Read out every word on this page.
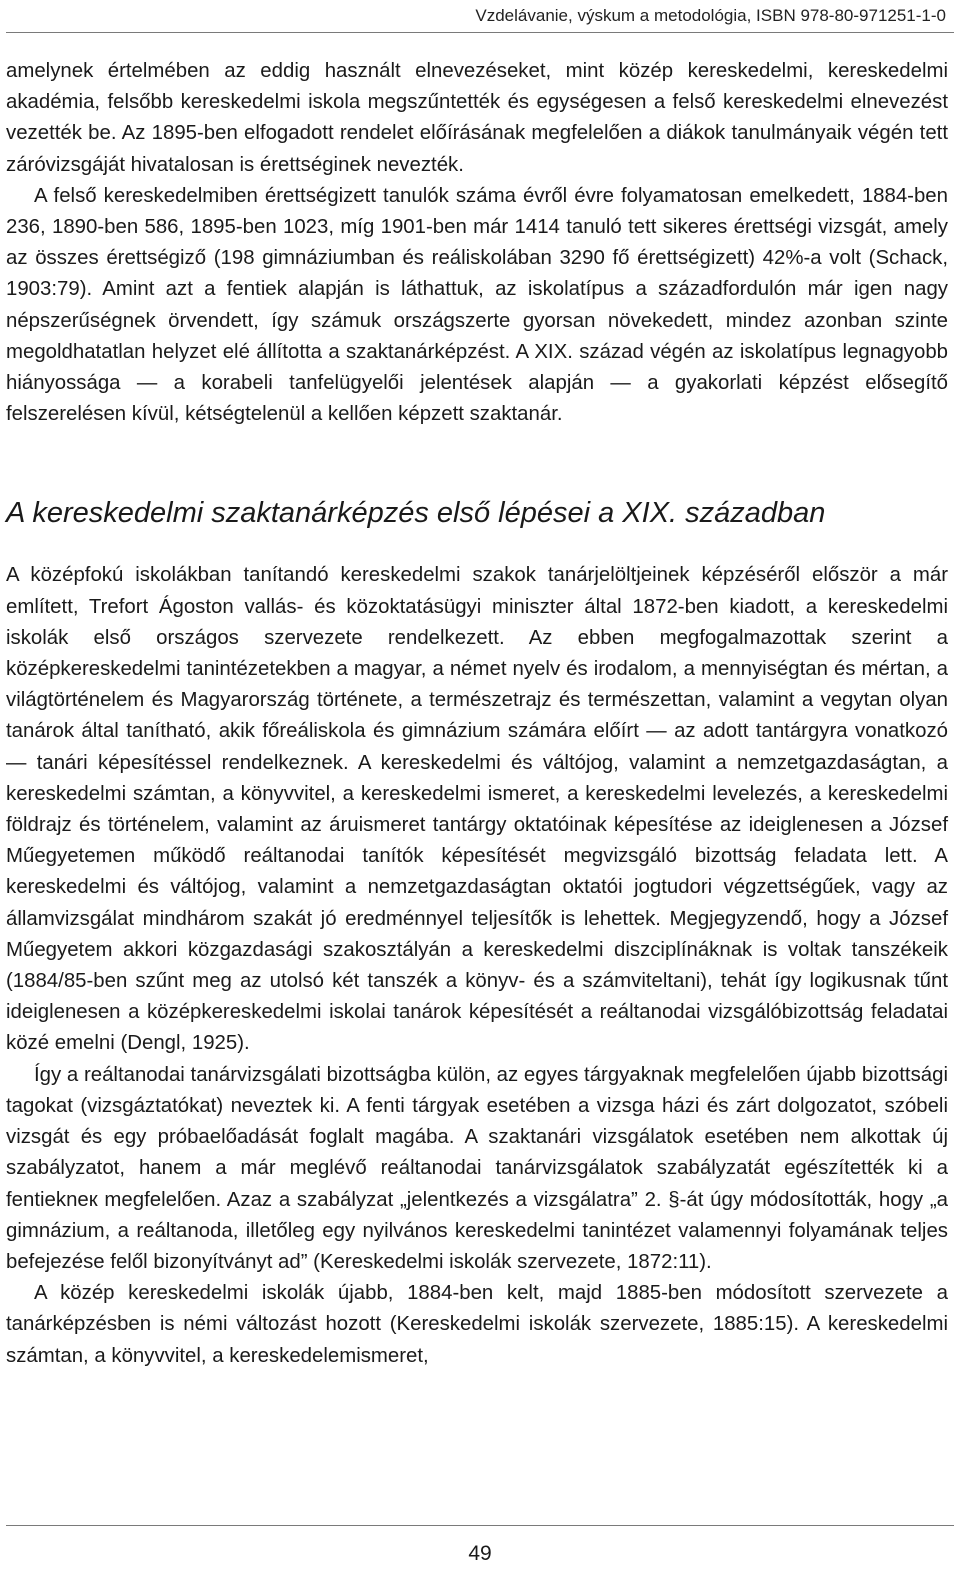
Vzdelávanie, výskum a metodológia, ISBN 978-80-971251-1-0

amelynek értelmében az eddig használt elnevezéseket, mint közép kereskedelmi, kereskedelmi akadémia, felsőbb kereskedelmi iskola megszűntették és egységesen a felső kereskedelmi elnevezést vezették be. Az 1895-ben elfogadott rendelet előírásának megfelelően a diákok tanulmányaik végén tett záróvizsgáját hivatalosan is érettséginek nevezték.

A felső kereskedelmiben érettségizett tanulók száma évről évre folyamatosan emelkedett, 1884-ben 236, 1890-ben 586, 1895-ben 1023, míg 1901-ben már 1414 tanuló tett sikeres érettségi vizsgát, amely az összes érettségiző (198 gimnáziumban és reáliskolában 3290 fő érettségizett) 42%-a volt (Schack, 1903:79). Amint azt a fentiek alapján is láthattuk, az iskolatípus a századfordulón már igen nagy népszerűségnek örvendett, így számuk országszerte gyorsan növekedett, mindez azonban szinte megoldhatatlan helyzet elé állította a szaktanárképzést. A XIX. század végén az iskolatípus legnagyobb hiányossága — a korabeli tanfelügyelői jelentések alapján — a gyakorlati képzést elősegítő felszerelésen kívül, kétségtelenül a kellően képzett szaktanár.

A kereskedelmi szaktanárképzés első lépései a XIX. században

A középfokú iskolákban tanítandó kereskedelmi szakok tanárjelöltjeinek képzéséről először a már említett, Trefort Ágoston vallás- és közoktatásügyi miniszter által 1872-ben kiadott, a kereskedelmi iskolák első országos szervezete rendelkezett. Az ebben megfogalmazottak szerint a középkereskedelmi tanintézetekben a magyar, a német nyelv és irodalom, a mennyiségtan és mértan, a világtörténelem és Magyarország története, a természetrajz és természettan, valamint a vegytan olyan tanárok által tanítható, akik főreáliskola és gimnázium számára előírt — az adott tantárgyra vonatkozó — tanári képesítéssel rendelkeznek. A kereskedelmi és váltójog, valamint a nemzetgazdaságtan, a kereskedelmi számtan, a könyvvitel, a kereskedelmi ismeret, a kereskedelmi levelezés, a kereskedelmi földrajz és történelem, valamint az áruismeret tantárgy oktatóinak képesítése az ideiglenesen a József Műegyetemen működő reáltanodai tanítók képesítését megvizsgáló bizottság feladata lett. A kereskedelmi és váltójog, valamint a nemzetgazdaságtan oktatói jogtudori végzettségűek, vagy az államvizsgálat mindhárom szakát jó eredménnyel teljesítők is lehettek. Megjegyzendő, hogy a József Műegyetem akkori közgazdasági szakosztályán a kereskedelmi diszciplínáknak is voltak tanszékeik (1884/85-ben szűnt meg az utolsó két tanszék a könyv- és a számviteltani), tehát így logikusnak tűnt ideiglenesen a középkereskedelmi iskolai tanárok képesítését a reáltanodai vizsgálóbizottság feladatai közé emelni (Dengl, 1925).

Így a reáltanodai tanárvizsgálati bizottságba külön, az egyes tárgyaknak megfelelően újabb bizottsági tagokat (vizsgáztatókat) neveztek ki. A fenti tárgyak esetében a vizsga házi és zárt dolgozatot, szóbeli vizsgát és egy próbaelőadását foglalt magába. A szaktanári vizsgálatok esetében nem alkottak új szabályzatot, hanem a már meglévő reáltanodai tanárvizsgálatok szabályzatát egészítették ki a fentiekneк megfelelően. Azaz a szabályzat „jelentkezés a vizsgálatra” 2. §-át úgy módosították, hogy „a gimnázium, a reáltanoda, illetőleg egy nyilvános kereskedelmi tanintézet valamennyi folyamának teljes befejezése felől bizonyítványt ad” (Kereskedelmi iskolák szervezete, 1872:11).

A közép kereskedelmi iskolák újabb, 1884-ben kelt, majd 1885-ben módosított szervezete a tanárképzésben is némi változást hozott (Kereskedelmi iskolák szervezete, 1885:15). A kereskedelmi számtan, a könyvvitel, a kereskedelemismeret,

49
